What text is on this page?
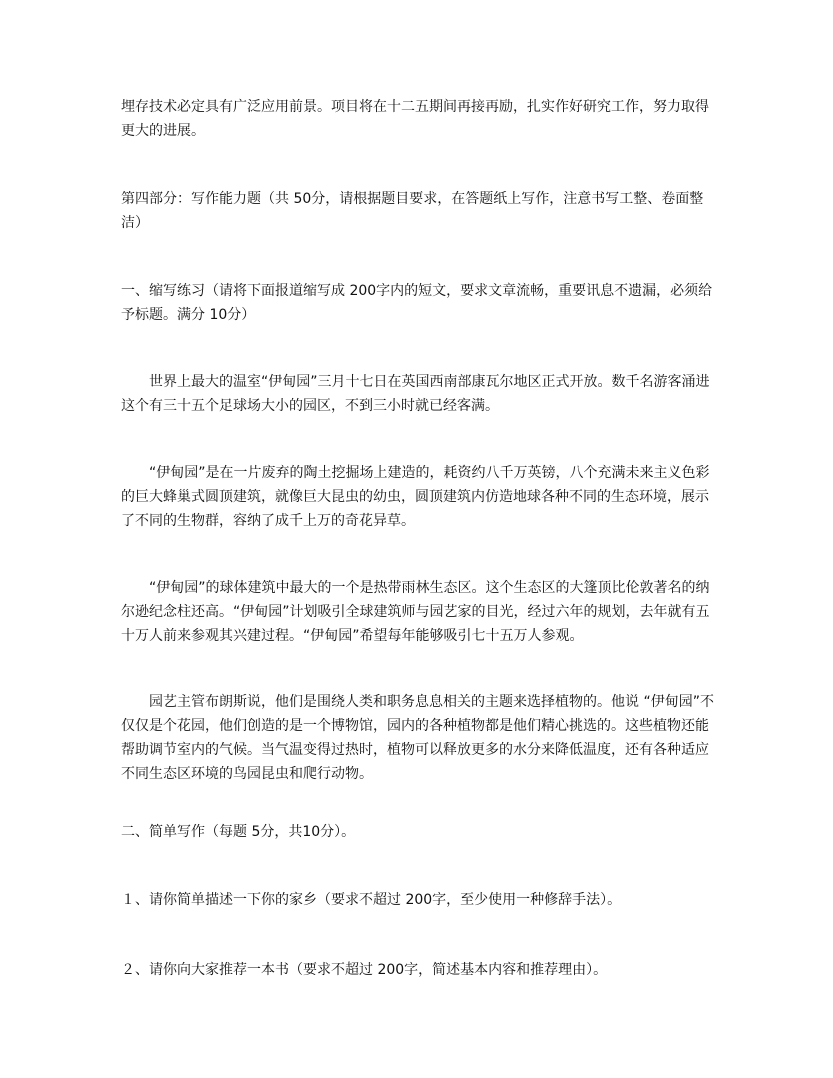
埋存技术必定具有广泛应用前景。项目将在十二五期间再接再励，扎实作好研究工作，努力取得更大的进展。

第四部分：写作能力题（共 50分，请根据题目要求，在答题纸上写作，注意书写工整、卷面整洁）

一、缩写练习（请将下面报道缩写成 200字内的短文，要求文章流畅，重要讯息不遗漏，必须给予标题。满分 10分）

世界上最大的温室“伊甸园”三月十七日在英国西南部康瓦尔地区正式开放。数千名游客涌进这个有三十五个足球场大小的园区，不到三小时就已经客满。

“伊甸园”是在一片废弃的陶土挖掘场上建造的，耗资约八千万英镑，八个充满未来主义色彩的巨大蜂巢式圆顶建筑，就像巨大昆虫的幼虫，圆顶建筑内仿造地球各种不同的生态环境，展示了不同的生物群，容纳了成千上万的奇花异草。

“伊甸园”的球体建筑中最大的一个是热带雨林生态区。这个生态区的大篷顶比伦敦著名的纳尔逊纪念柱还高。“伊甸园”计划吸引全球建筑师与园艺家的目光，经过六年的规划，去年就有五十万人前来参观其兴建过程。“伊甸园”希望每年能够吸引七十五万人参观。

园艺主管布朗斯说，他们是围绕人类和职务息息相关的主题来选择植物的。他说 “伊甸园”不仅仅是个花园，他们创造的是一个博物馆，园内的各种植物都是他们精心挑选的。这些植物还能帮助调节室内的气候。当气温变得过热时，植物可以释放更多的水分来降低温度，还有各种适应不同生态区环境的鸟园昆虫和爬行动物。

二、简单写作（每题 5分，共10分）。

１、请你简单描述一下你的家乡（要求不超过 200字，至少使用一种修辞手法）。

２、请你向大家推荐一本书（要求不超过 200字，简述基本内容和推荐理由）。
